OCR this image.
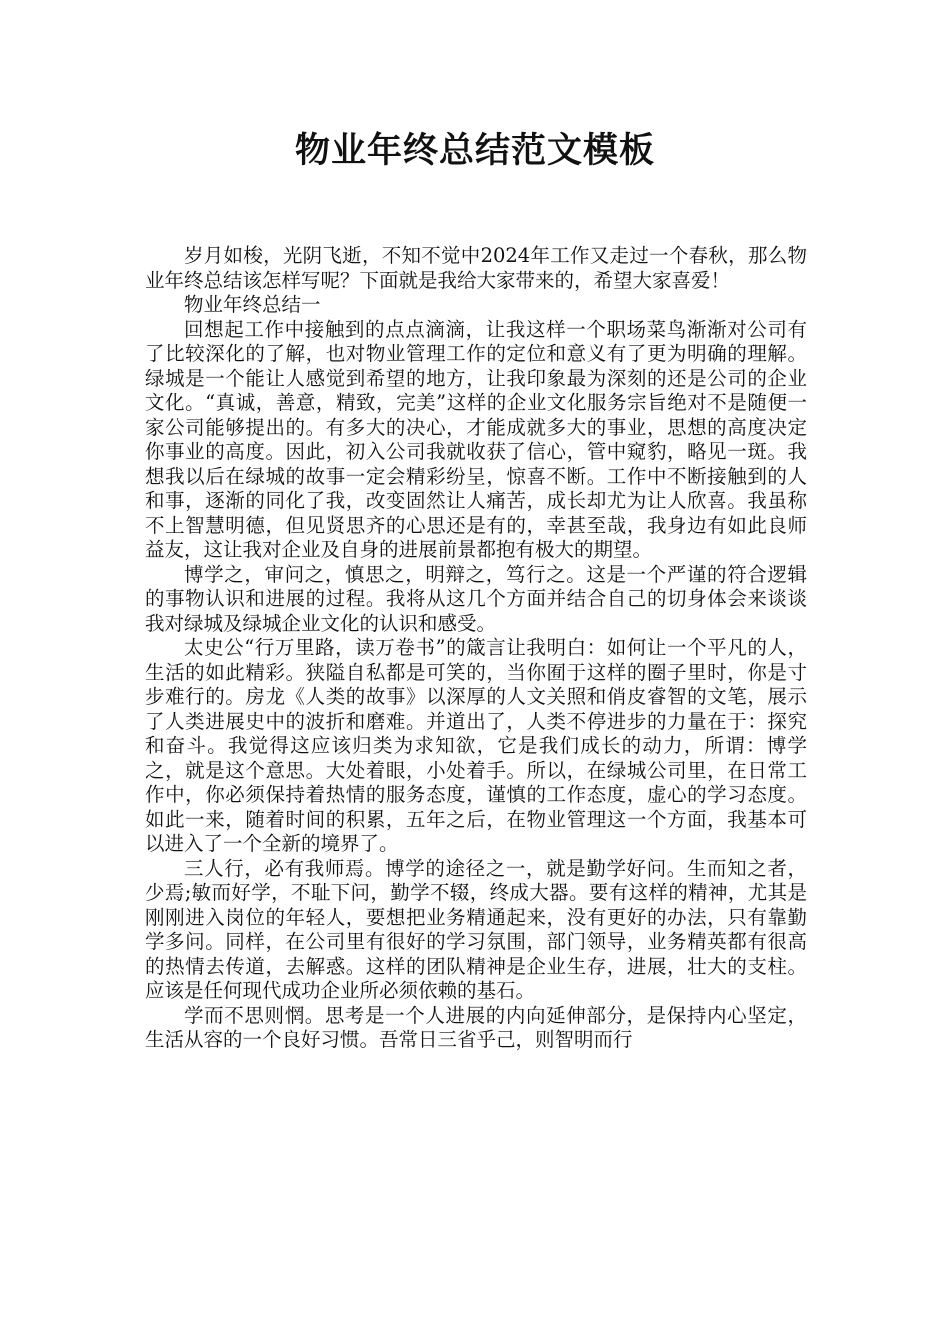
物业年终总结范文模板

岁月如梭，光阴飞逝，不知不觉中2024年工作又走过一个春秋，那么物业年终总结该怎样写呢？下面就是我给大家带来的，希望大家喜爱！

物业年终总结一

回想起工作中接触到的点点滴滴，让我这样一个职场菜鸟渐渐对公司有了比较深化的了解，也对物业管理工作的定位和意义有了更为明确的理解。绿城是一个能让人感觉到希望的地方，让我印象最为深刻的还是公司的企业文化。“真诚，善意，精致，完美”这样的企业文化服务宗旨绝对不是随便一家公司能够提出的。有多大的决心，才能成就多大的事业，思想的高度决定你事业的高度。因此，初入公司我就收获了信心，管中窥豹，略见一斑。我想我以后在绿城的故事一定会精彩纷呈，惊喜不断。工作中不断接触到的人和事，逐渐的同化了我，改变固然让人痛苦，成长却尤为让人欣喜。我虽称不上智慧明德，但见贤思齐的心思还是有的，幸甚至哉，我身边有如此良师益友，这让我对企业及自身的进展前景都抱有极大的期望。

博学之，审问之，慎思之，明辩之，笃行之。这是一个严谨的符合逻辑的事物认识和进展的过程。我将从这几个方面并结合自己的切身体会来谈谈我对绿城及绿城企业文化的认识和感受。

太史公“行万里路，读万卷书”的箴言让我明白：如何让一个平凡的人，生活的如此精彩。狭隘自私都是可笑的，当你囿于这样的圈子里时，你是寸步难行的。房龙《人类的故事》以深厚的人文关照和俏皮睿智的文笔，展示了人类进展史中的波折和磨难。并道出了，人类不停进步的力量在于：探究和奋斗。我觉得这应该归类为求知欲，它是我们成长的动力，所谓：博学之，就是这个意思。大处着眼，小处着手。所以，在绿城公司里，在日常工作中，你必须保持着热情的服务态度，谨慎的工作态度，虚心的学习态度。如此一来，随着时间的积累，五年之后，在物业管理这一个方面，我基本可以进入了一个全新的境界了。

三人行，必有我师焉。博学的途径之一，就是勤学好问。生而知之者，少焉;敏而好学，不耻下问，勤学不辍，终成大器。要有这样的精神，尤其是刚刚进入岗位的年轻人，要想把业务精通起来，没有更好的办法，只有靠勤学多问。同样，在公司里有很好的学习氛围，部门领导，业务精英都有很高的热情去传道，去解惑。这样的团队精神是企业生存，进展，壮大的支柱。应该是任何现代成功企业所必须依赖的基石。

学而不思则惘。思考是一个人进展的内向延伸部分，是保持内心坚定，生活从容的一个良好习惯。吾常日三省乎己，则智明而行
